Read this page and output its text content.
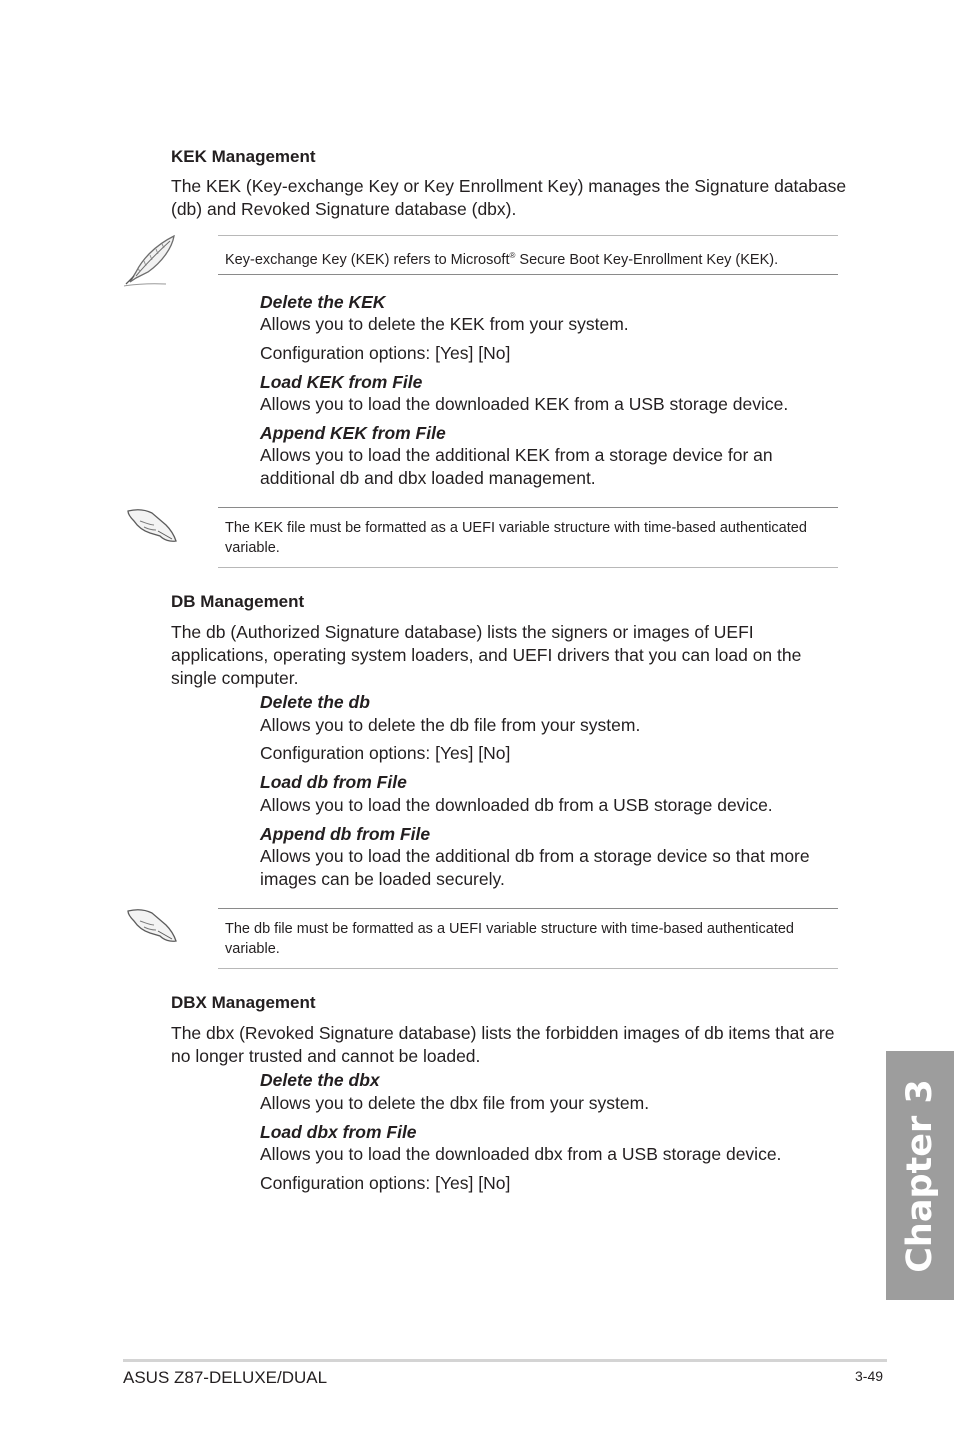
KEK Management
The KEK (Key-exchange Key or Key Enrollment Key) manages the Signature database
(db) and Revoked Signature database (dbx).
Key-exchange Key (KEK) refers to Microsoft® Secure Boot Key-Enrollment Key (KEK).
Delete the KEK
Allows you to delete the KEK from your system.
Configuration options: [Yes] [No]
Load KEK from File
Allows you to load the downloaded KEK from a USB storage device.
Append KEK from File
Allows you to load the additional KEK from a storage device for an
additional db and dbx loaded management.
The KEK file must be formatted as a UEFI variable structure with time-based authenticated
variable.
DB Management
The db (Authorized Signature database) lists the signers or images of UEFI
applications, operating system loaders, and UEFI drivers that you can load on the
single computer.
Delete the db
Allows you to delete the db file from your system.
Configuration options: [Yes] [No]
Load db from File
Allows you to load the downloaded db from a USB storage device.
Append db from File
Allows you to load the additional db from a storage device so that more
images can be loaded securely.
The db file must be formatted as a UEFI variable structure with time-based authenticated
variable.
DBX Management
The dbx (Revoked Signature database) lists the forbidden images of db items that are
no longer trusted and cannot be loaded.
Delete the dbx
Allows you to delete the dbx file from your system.
Load dbx from File
Allows you to load the downloaded dbx from a USB storage device.
Configuration options: [Yes] [No]	Chapter 3
ASUS Z87-DELUXE/DUAL	3-49
